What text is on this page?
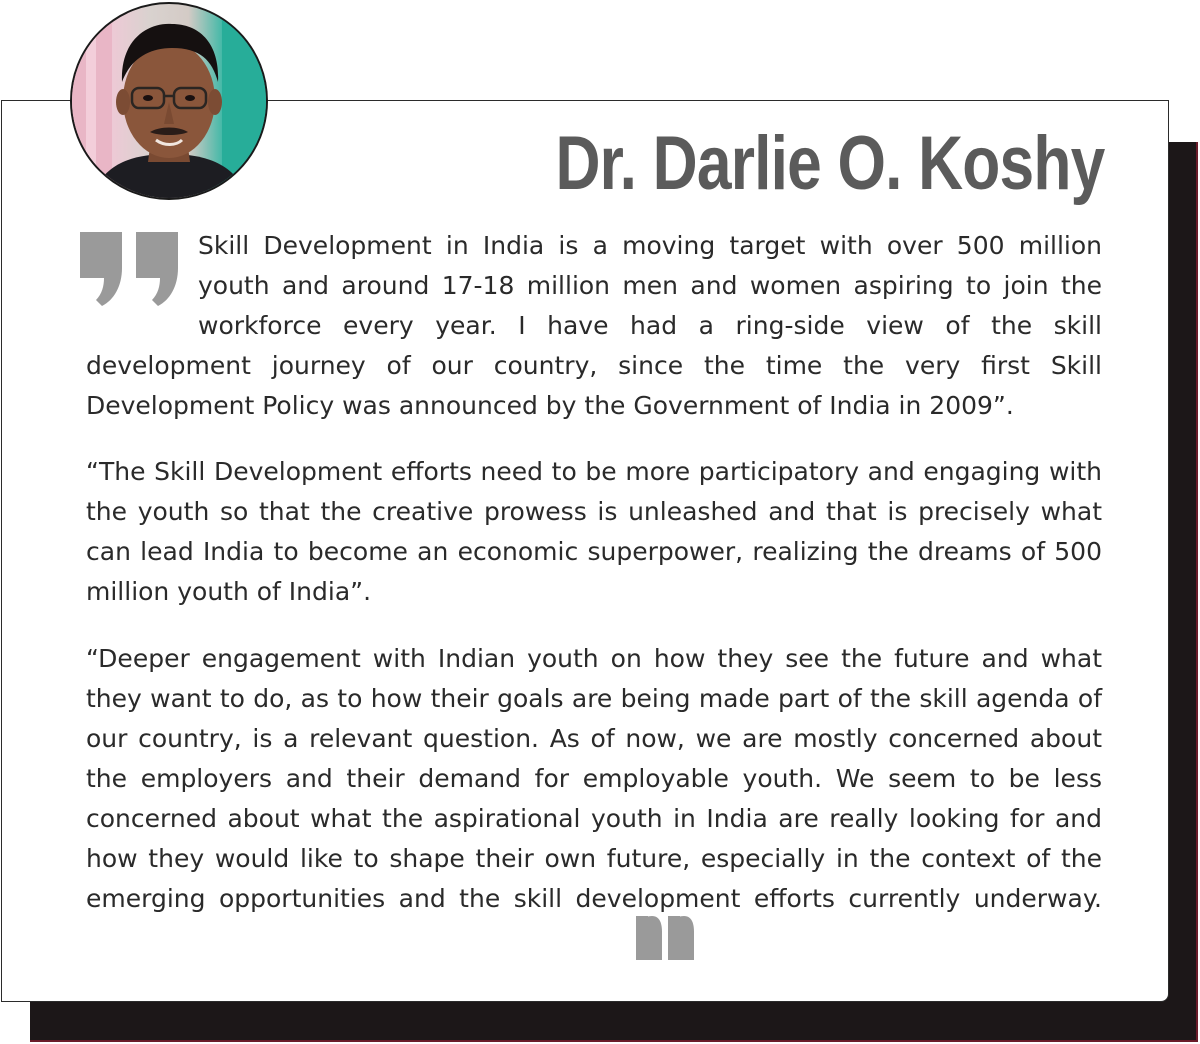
Dr. Darlie O. Koshy

Skill Development in India is a moving target with over 500 million youth and around 17-18 million men and women aspiring to join the workforce every year. I have had a ring-side view of the skill development journey of our country, since the time the very first Skill Development Policy was announced by the Government of India in 2009”.

“The Skill Development efforts need to be more participatory and engaging with the youth so that the creative prowess is unleashed and that is precisely what can lead India to become an economic superpower, realizing the dreams of 500 million youth of India”.

“Deeper engagement with Indian youth on how they see the future and what they want to do, as to how their goals are being made part of the skill agenda of our country, is a relevant question. As of now, we are mostly concerned about the employers and their demand for employable youth. We seem to be less concerned about what the aspirational youth in India are really looking for and how they would like to shape their own future, especially in the context of the emerging opportunities and the skill development efforts currently underway.
